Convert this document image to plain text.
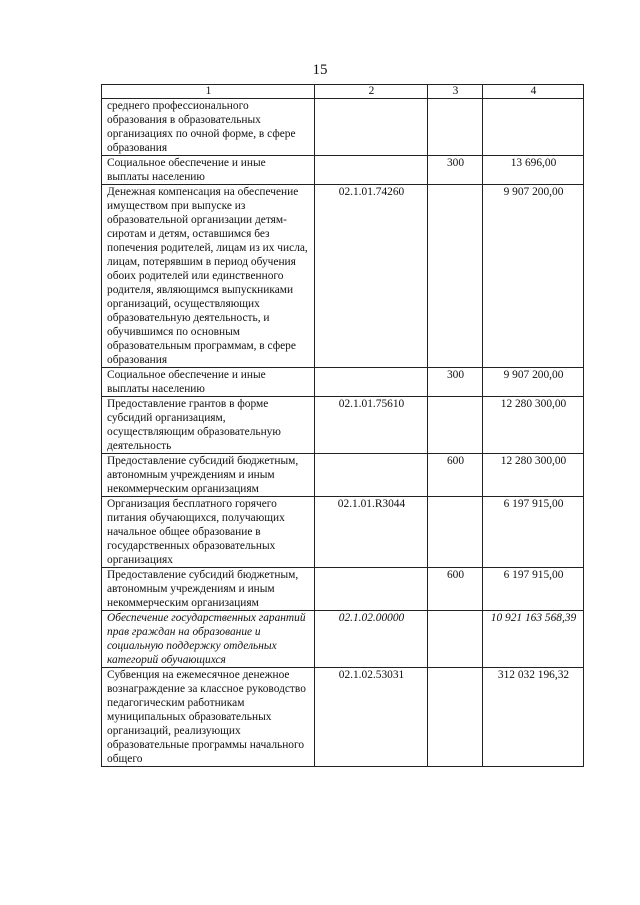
15
1	2	3	4
среднего профессионального образования в образовательных организациях по очной форме, в сфере образования			
Социальное обеспечение и иные выплаты населению		300	13 696,00
Денежная компенсация на обеспечение имуществом при выпуске из образовательной организации детям-сиротам и детям, оставшимся без попечения родителей, лицам из их числа, лицам, потерявшим в период обучения обоих родителей или единственного родителя, являющимся выпускниками организаций, осуществляющих образовательную деятельность, и обучившимся по основным образовательным программам, в сфере образования	02.1.01.74260		9 907 200,00
Социальное обеспечение и иные выплаты населению		300	9 907 200,00
Предоставление грантов в форме субсидий организациям, осуществляющим образовательную деятельность	02.1.01.75610		12 280 300,00
Предоставление субсидий бюджетным, автономным учреждениям и иным некоммерческим организациям		600	12 280 300,00
Организация бесплатного горячего питания обучающихся, получающих начальное общее образование в государственных образовательных организациях	02.1.01.R3044		6 197 915,00
Предоставление субсидий бюджетным, автономным учреждениям и иным некоммерческим организациям		600	6 197 915,00
Обеспечение государственных гарантий прав граждан на образование и социальную поддержку отдельных категорий обучающихся	02.1.02.00000		10 921 163 568,39
Субвенция на ежемесячное денежное вознаграждение за классное руководство педагогическим работникам муниципальных образовательных организаций, реализующих образовательные программы начального общего	02.1.02.53031		312 032 196,32
